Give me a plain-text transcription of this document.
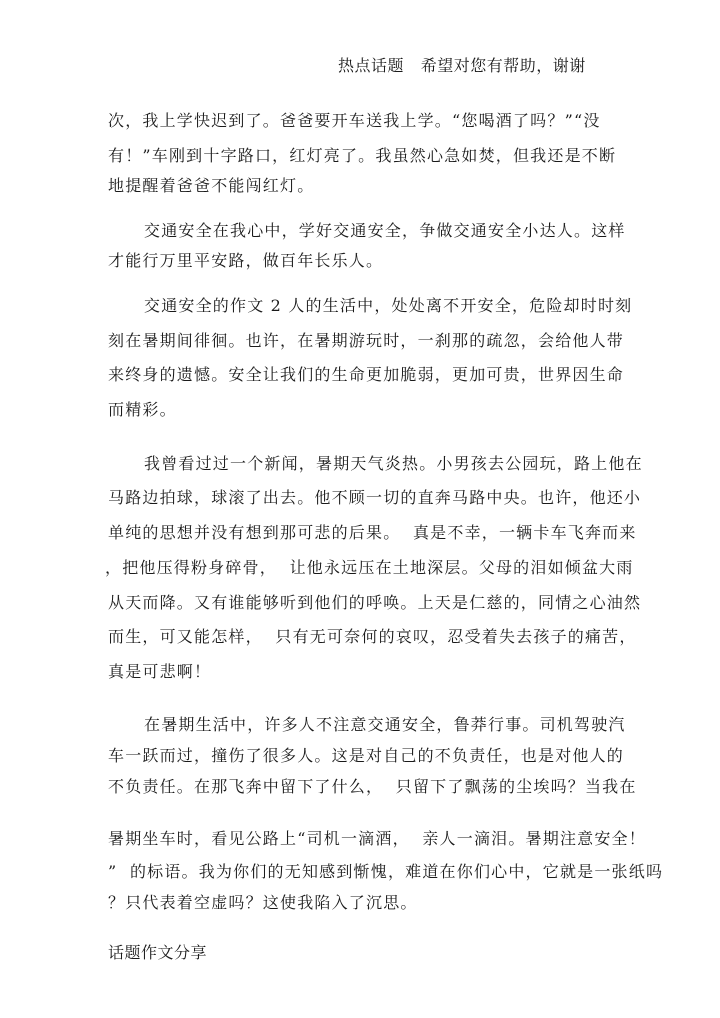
热点话题 希望对您有帮助，谢谢
次，我上学快迟到了。爸爸要开车送我上学。“您喝酒了吗？”“没
有！”车刚到十字路口，红灯亮了。我虽然心急如焚，但我还是不断
地提醒着爸爸不能闯红灯。
交通安全在我心中，学好交通安全，争做交通安全小达人。这样
才能行万里平安路，做百年长乐人。
交通安全的作文 2 人的生活中，处处离不开安全，危险却时时刻
刻在暑期间徘徊。也许，在暑期游玩时，一刹那的疏忽，会给他人带
来终身的遗憾。安全让我们的生命更加脆弱，更加可贵，世界因生命
而精彩。
我曾看过过一个新闻，暑期天气炎热。小男孩去公园玩，路上他在
马路边拍球，球滚了出去。他不顾一切的直奔马路中央。也许，他还小
单纯的思想并没有想到那可悲的后果。  真是不幸，一辆卡车飞奔而来
，把他压得粉身碎骨，  让他永远压在土地深层。父母的泪如倾盆大雨
从天而降。又有谁能够听到他们的呼唤。上天是仁慈的，同情之心油然
而生，可又能怎样，  只有无可奈何的哀叹，忍受着失去孩子的痛苦，
真是可悲啊！
在暑期生活中，许多人不注意交通安全，鲁莽行事。司机驾驶汽
车一跃而过，撞伤了很多人。这是对自己的不负责任，也是对他人的
不负责任。在那飞奔中留下了什么，  只留下了飘荡的尘埃吗？当我在
暑期坐车时，看见公路上“司机一滴酒，  亲人一滴泪。暑期注意安全！
”  的标语。我为你们的无知感到惭愧，难道在你们心中，它就是一张纸吗
？只代表着空虚吗？这使我陷入了沉思。
话题作文分享
